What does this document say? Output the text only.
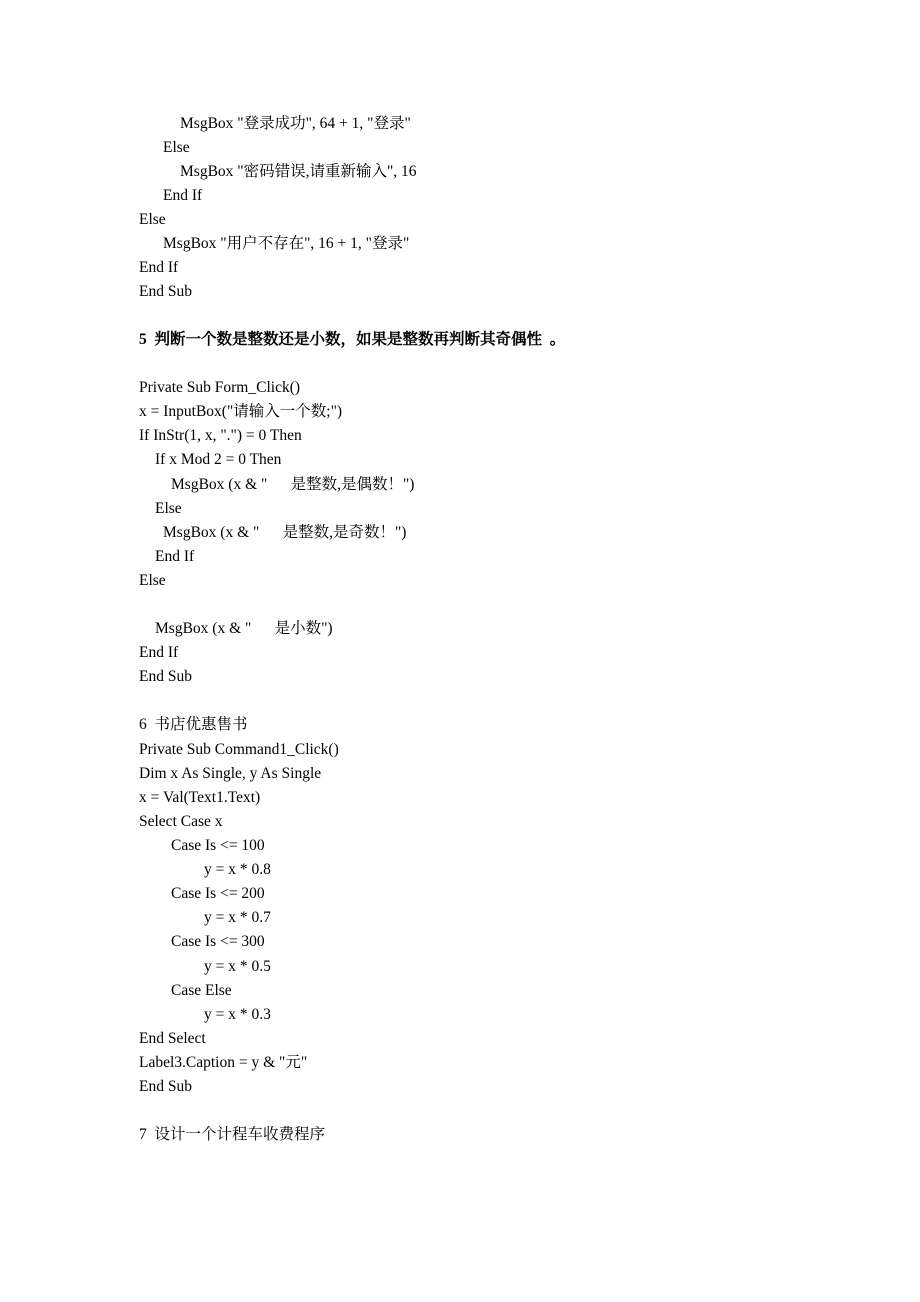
MsgBox "登录成功", 64 + 1, "登录"
Else
MsgBox "密码错误,请重新输入", 16
End If
Else
MsgBox "用户不存在", 16 + 1, "登录"
End If
End Sub
5  判断一个数是整数还是小数，如果是整数再判断其奇偶性  。
Private Sub Form_Click()
x = InputBox("请输入一个数;")
If InStr(1, x, ".") = 0 Then
If x Mod 2 = 0 Then
MsgBox (x & "      是整数,是偶数！")
Else
MsgBox (x & "      是整数,是奇数！")
End If
Else
MsgBox (x & "      是小数")
End If
End Sub
6  书店优惠售书
Private Sub Command1_Click()
Dim x As Single, y As Single
x = Val(Text1.Text)
Select Case x
Case Is <= 100
y = x * 0.8
Case Is <= 200
y = x * 0.7
Case Is <= 300
y = x * 0.5
Case Else
y = x * 0.3
End Select
Label3.Caption = y & "元"
End Sub
7  设计一个计程车收费程序
